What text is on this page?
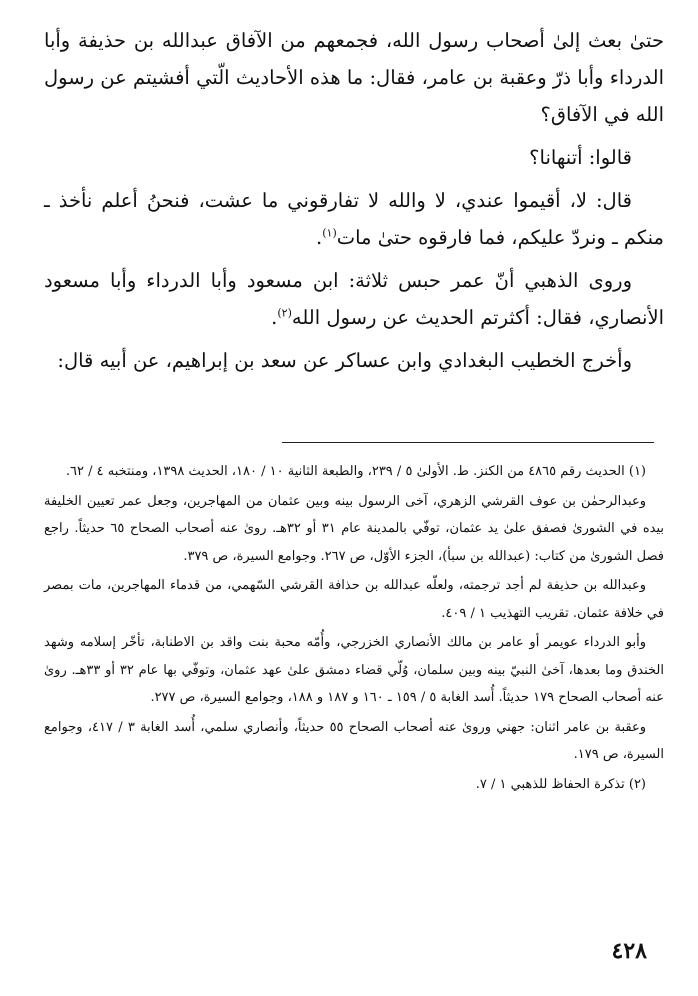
حتىٰ بعث إلىٰ أصحاب رسول الله، فجمعهم من الآفاق عبدالله بن حذيفة وأبا الدرداء وأبا ذرّ وعقبة بن عامر، فقال: ما هذه الأحاديث الّتي أفشيتم عن رسول الله في الآفاق؟

قالوا: أتنهانا؟

قال: لا، أقيموا عندي، لا والله لا تفارقوني ما عشت، فنحنُ أعلم نأخذ ـ منكم ـ ونردّ عليكم، فما فارقوه حتىٰ مات$^{(١)}$.

وروى الذهبي أنّ عمر حبس ثلاثة: ابن مسعود وأبا الدرداء وأبا مسعود الأنصاري، فقال: أكثرتم الحديث عن رسول الله$^{(٢)}$.

وأخرج الخطيب البغدادي وابن عساكر عن سعد بن إبراهيم، عن أبيه قال:

(١) الحديث رقم ٤٨٦٥ من الكنز. ط. الأولىٰ ٥ / ٢٣٩، والطبعة الثانية ١٠ / ١٨٠، الحديث ١٣٩٨، ومنتخبه ٤ / ٦٢.

وعبدالرحمٰن بن عوف القرشي الزهري، آخى الرسول بينه وبين عثمان من المهاجرين، وجعل عمر تعيين الخليفة بيده في الشورىٰ فصفق علىٰ يد عثمان، توفّي بالمدينة عام ٣١ أو ٣٢هـ. روىٰ عنه أصحاب الصحاح ٦٥ حديثاً. راجع فصل الشورىٰ من كتاب: (عبدالله بن سبأ)، الجزء الأوّل، ص ٢٦٧. وجوامع السيرة، ص ٣٧٩.

وعبدالله بن حذيفة لم أجد ترجمته، ولعلّه عبدالله بن حذافة القرشي السّهمي، من قدماء المهاجرين، مات بمصر في خلافة عثمان. تقريب التهذيب ١ / ٤٠٩.

وأبو الدرداء عويمر أو عامر بن مالك الأنصاري الخزرجي، وأُمّه محبة بنت واقد بن الاطنابة، تأخّر إسلامه وشهد الخندق وما بعدها، آخىٰ النبيّ بينه وبين سلمان، وُلّي قضاء دمشق علىٰ عهد عثمان، وتوفّي بها عام ٣٢ أو ٣٣هـ. روىٰ عنه أصحاب الصحاح ١٧٩ حديثاً. أُسد الغابة ٥ / ١٥٩ ـ ١٦٠ و ١٨٧ و ١٨٨، وجوامع السيرة، ص ٢٧٧.

وعقبة بن عامر اثنان: جهني وروىٰ عنه أصحاب الصحاح ٥٥ حديثاً، وأنصاري سلمي، أُسد الغابة ٣ / ٤١٧، وجوامع السيرة، ص ١٧٩.

(٢) تذكرة الحفاظ للذهبي ١ / ٧.

٤٢٨
